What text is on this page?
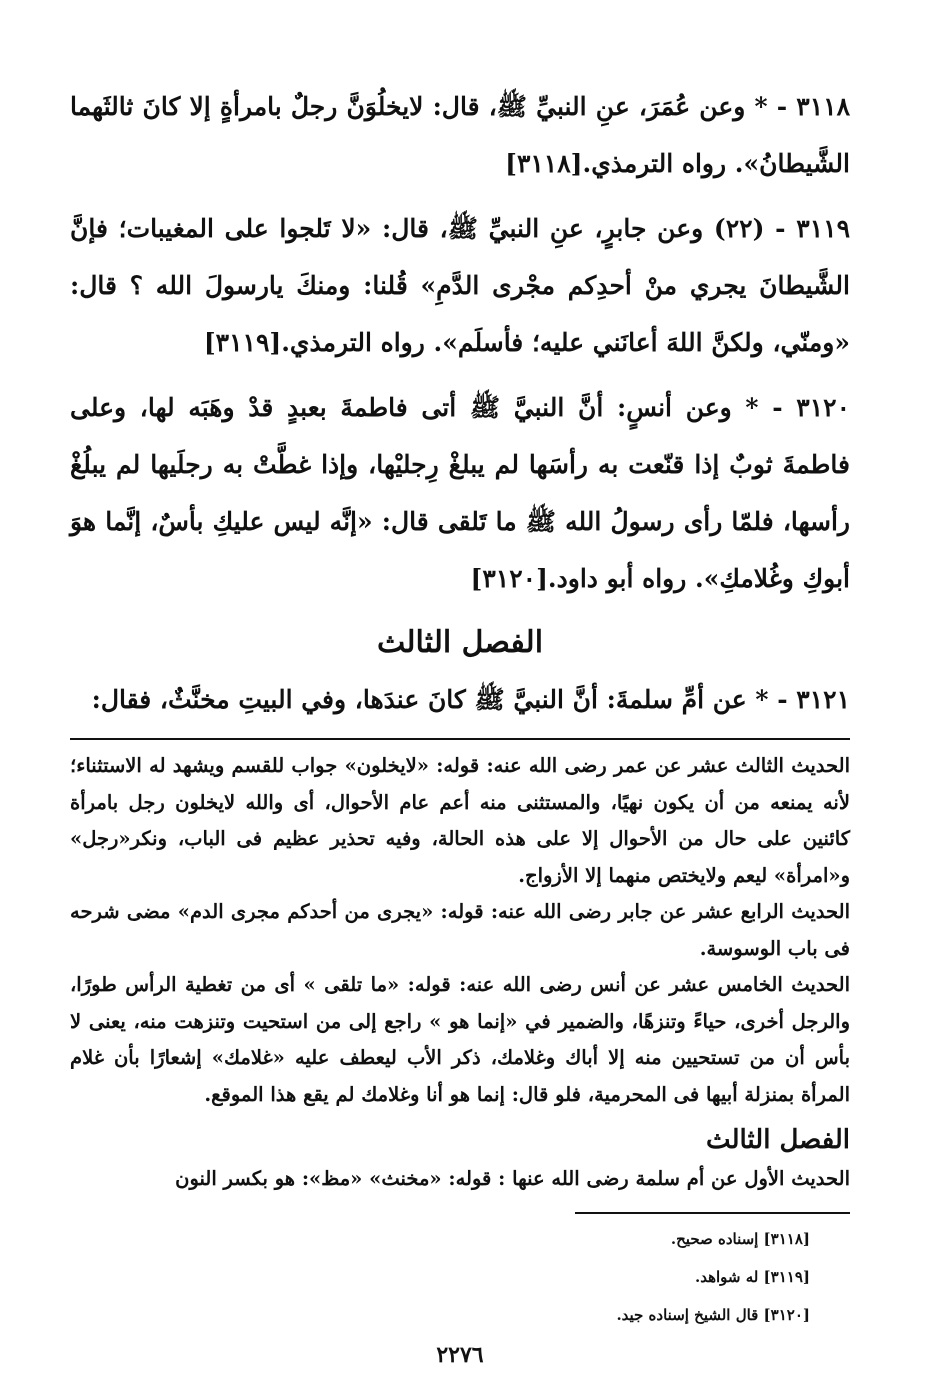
٣١١٨ - * وعن عُمَرَ، عنِ النبيِّ ﷺ، قال: لايخلُوَنَّ رجلٌ بامرأةٍ إلا كانَ ثالثَهما الشَّيطانُ». رواه الترمذي.[٣١١٨]

٣١١٩ - (٢٢) وعن جابرٍ، عنِ النبيِّ ﷺ، قال: «لا تَلجوا على المغيبات؛ فإنَّ الشَّيطانَ يجري منْ أحدِكم مجْرى الدَّمِ» قُلنا: ومنكَ يارسولَ الله ؟ قال: «ومنّي، ولكنَّ اللهَ أعانَني عليه؛ فأسلَم». رواه الترمذي.[٣١١٩]

٣١٢٠ - * وعن أنسٍ: أنَّ النبيَّ ﷺ أتى فاطمةَ بعبدٍ قدْ وهَبَه لها، وعلى فاطمةَ ثوبٌ إذا قنّعت به رأسَها لم يبلغْ رِجليْها، وإذا غطَّتْ به رجلَيها لم يبلُغْ رأسها، فلمّا رأى رسولُ الله ﷺ ما تَلقى قال: «إنَّه ليس عليكِ بأسٌ، إنَّما هوَ أبوكِ وغُلامكِ». رواه أبو داود.[٣١٢٠]

الفصل الثالث

٣١٢١ - * عن أمِّ سلمةَ: أنَّ النبيَّ ﷺ كانَ عندَها، وفي البيتِ مخنَّثٌ، فقال:

الحديث الثالث عشر عن عمر رضى الله عنه: قوله: «لايخلون» جواب للقسم ويشهد له الاستثناء؛ لأنه يمنعه من أن يكون نهيًا، والمستثنى منه أعم عام الأحوال، أى والله لايخلون رجل بامرأة كائنين على حال من الأحوال إلا على هذه الحالة، وفيه تحذير عظيم فى الباب، ونكر«رجل» و«امرأة» ليعم ولايختص منهما إلا الأزواج.

الحديث الرابع عشر عن جابر رضى الله عنه: قوله: «يجرى من أحدكم مجرى الدم» مضى شرحه فى باب الوسوسة.

الحديث الخامس عشر عن أنس رضى الله عنه: قوله: «ما تلقى » أى من تغطية الرأس طورًا، والرجل أخرى، حياءً وتنزهًا، والضمير في «إنما هو » راجع إلى من استحيت وتنزهت منه، يعنى لا بأس أن من تستحيين منه إلا أباك وغلامك، ذكر الأب ليعطف عليه «غلامك» إشعارًا بأن غلام المرأة بمنزلة أبيها فى المحرمية، فلو قال: إنما هو أنا وغلامك لم يقع هذا الموقع.

الفصل الثالث

الحديث الأول عن أم سلمة رضى الله عنها : قوله: «مخنث» «مظ»: هو بكسر النون

[٣١١٨] إسناده صحيح.

[٣١١٩] له شواهد.

[٣١٢٠] قال الشيخ إسناده جيد.

٢٢٧٦
